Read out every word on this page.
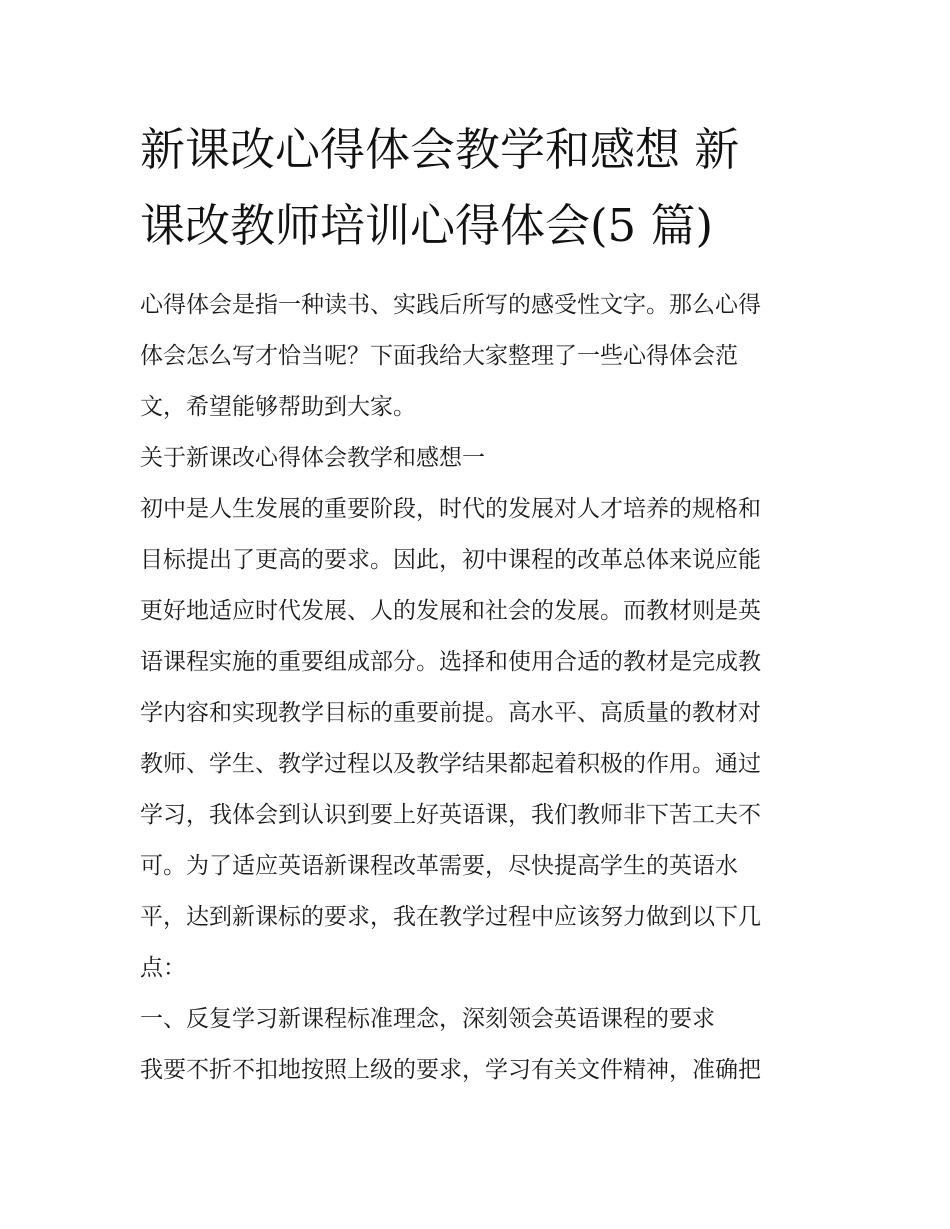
新课改心得体会教学和感想 新
课改教师培训心得体会(5 篇)
心得体会是指一种读书、实践后所写的感受性文字。那么心得
体会怎么写才恰当呢？下面我给大家整理了一些心得体会范
文，希望能够帮助到大家。
关于新课改心得体会教学和感想一
初中是人生发展的重要阶段，时代的发展对人才培养的规格和
目标提出了更高的要求。因此，初中课程的改革总体来说应能
更好地适应时代发展、人的发展和社会的发展。而教材则是英
语课程实施的重要组成部分。选择和使用合适的教材是完成教
学内容和实现教学目标的重要前提。高水平、高质量的教材对
教师、学生、教学过程以及教学结果都起着积极的作用。通过
学习，我体会到认识到要上好英语课，我们教师非下苦工夫不
可。为了适应英语新课程改革需要，尽快提高学生的英语水
平，达到新课标的要求，我在教学过程中应该努力做到以下几
点：
一、反复学习新课程标准理念，深刻领会英语课程的要求
我要不折不扣地按照上级的要求，学习有关文件精神，准确把
